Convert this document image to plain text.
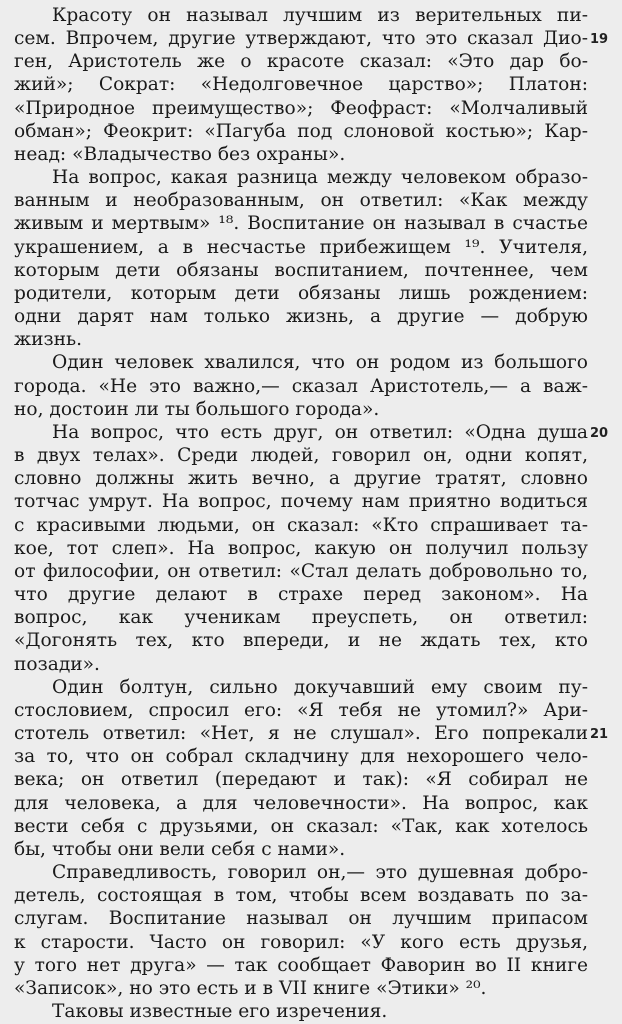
Красоту он называл лучшим из верительных пи-
сем. Впрочем, другие утверждают, что это сказал Дио-
ген, Аристотель же о красоте сказал: «Это дар бо-
жий»; Сократ: «Недолговечное царство»; Платон:
«Природное преимущество»; Феофраст: «Молчаливый
обман»; Феокрит: «Пагуба под слоновой костью»; Кар-
неад: «Владычество без охраны».
На вопрос, какая разница между человеком образо-
ванным и необразованным, он ответил: «Как между
живым и мертвым» ¹⁸. Воспитание он называл в счастье
украшением, а в несчастье прибежищем ¹⁹. Учителя,
которым дети обязаны воспитанием, почтеннее, чем
родители, которым дети обязаны лишь рождением:
одни дарят нам только жизнь, а другие — добрую
жизнь.
Один человек хвалился, что он родом из большого
города. «Не это важно,— сказал Аристотель,— а важ-
но, достоин ли ты большого города».
На вопрос, что есть друг, он ответил: «Одна душа
в двух телах». Среди людей, говорил он, одни копят,
словно должны жить вечно, а другие тратят, словно
тотчас умрут. На вопрос, почему нам приятно водиться
с красивыми людьми, он сказал: «Кто спрашивает та-
кое, тот слеп». На вопрос, какую он получил пользу
от философии, он ответил: «Стал делать добровольно то,
что другие делают в страхе перед законом». На
вопрос, как ученикам преуспеть, он ответил:
«Догонять тех, кто впереди, и не ждать тех, кто
позади».
Один болтун, сильно докучавший ему своим пу-
стословием, спросил его: «Я тебя не утомил?» Ари-
стотель ответил: «Нет, я не слушал». Его попрекали
за то, что он собрал складчину для нехорошего чело-
века; он ответил (передают и так): «Я собирал не
для человека, а для человечности». На вопрос, как
вести себя с друзьями, он сказал: «Так, как хотелось
бы, чтобы они вели себя с нами».
Справедливость, говорил он,— это душевная добро-
детель, состоящая в том, чтобы всем воздавать по за-
слугам. Воспитание называл он лучшим припасом
к старости. Часто он говорил: «У кого есть друзья,
у того нет друга» — так сообщает Фаворин во II книге
«Записок», но это есть и в VII книге «Этики» ²⁰.
Таковы известные его изречения.
19
20
21
